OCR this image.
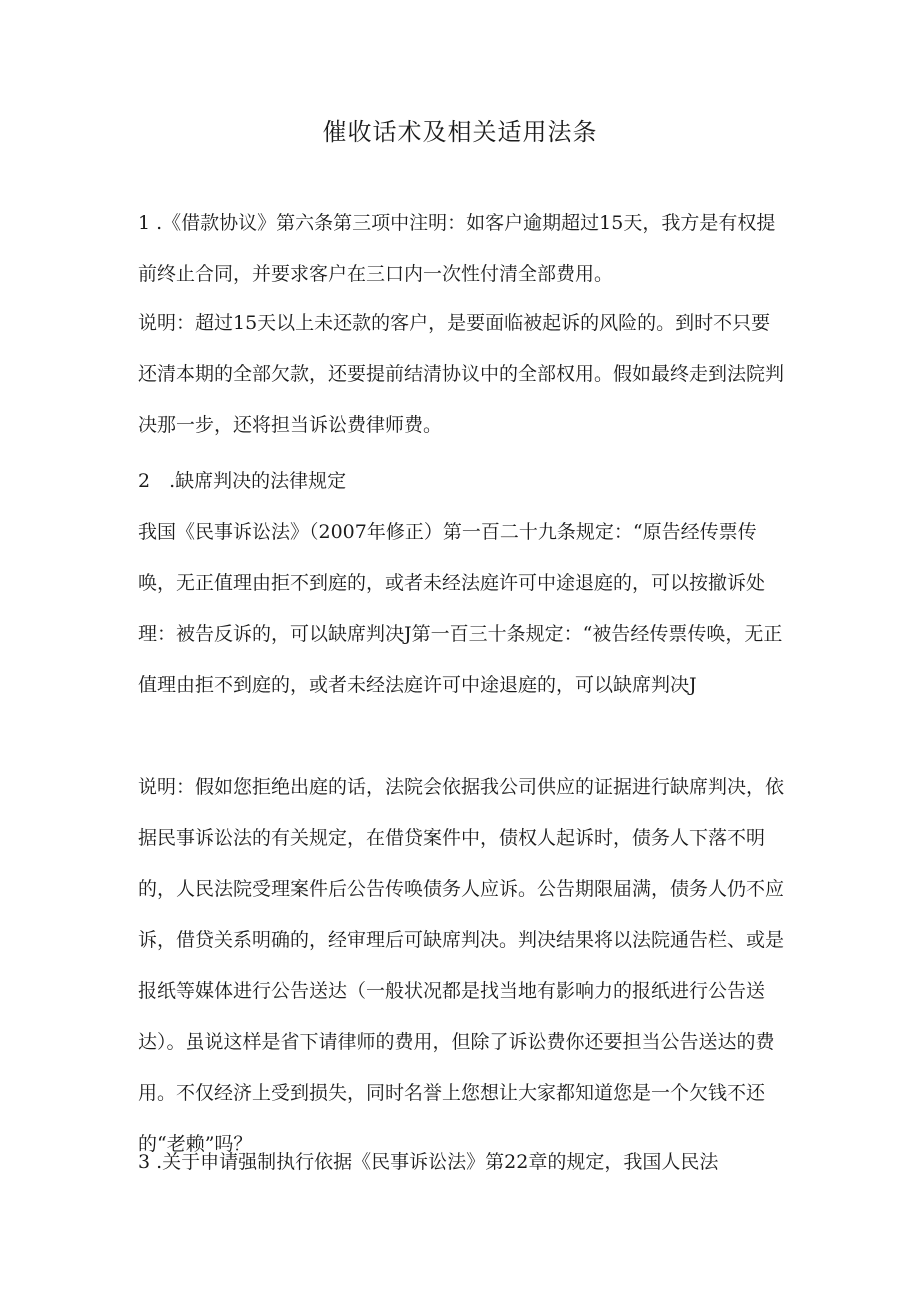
催收话术及相关适用法条

1 .《借款协议》第六条第三项中注明：如客户逾期超过15天，我方是有权提前终止合同，并要求客户在三口内一次性付清全部费用。

说明：超过15天以上未还款的客户，是要面临被起诉的风险的。到时不只要还清本期的全部欠款，还要提前结清协议中的全部权用。假如最终走到法院判决那一步，还将担当诉讼费律师费。

2　.缺席判决的法律规定

我国《民事诉讼法》（2007年修正）第一百二十九条规定：“原告经传票传唤，无正值理由拒不到庭的，或者未经法庭许可中途退庭的，可以按撤诉处理：被告反诉的，可以缺席判决J第一百三十条规定：“被告经传票传唤，无正值理由拒不到庭的，或者未经法庭许可中途退庭的，可以缺席判决J

说明：假如您拒绝出庭的话，法院会依据我公司供应的证据进行缺席判决，依据民事诉讼法的有关规定，在借贷案件中，债权人起诉时，债务人下落不明的，人民法院受理案件后公告传唤债务人应诉。公告期限届满，债务人仍不应诉，借贷关系明确的，经审理后可缺席判决。判决结果将以法院通告栏、或是报纸等媒体进行公告送达（一般状况都是找当地有影响力的报纸进行公告送达）。虽说这样是省下请律师的费用，但除了诉讼费你还要担当公告送达的费用。不仅经济上受到损失，同时名誉上您想让大家都知道您是一个欠钱不还的“老赖”吗？

3 .关于申请强制执行依据《民事诉讼法》第22章的规定，我国人民法
